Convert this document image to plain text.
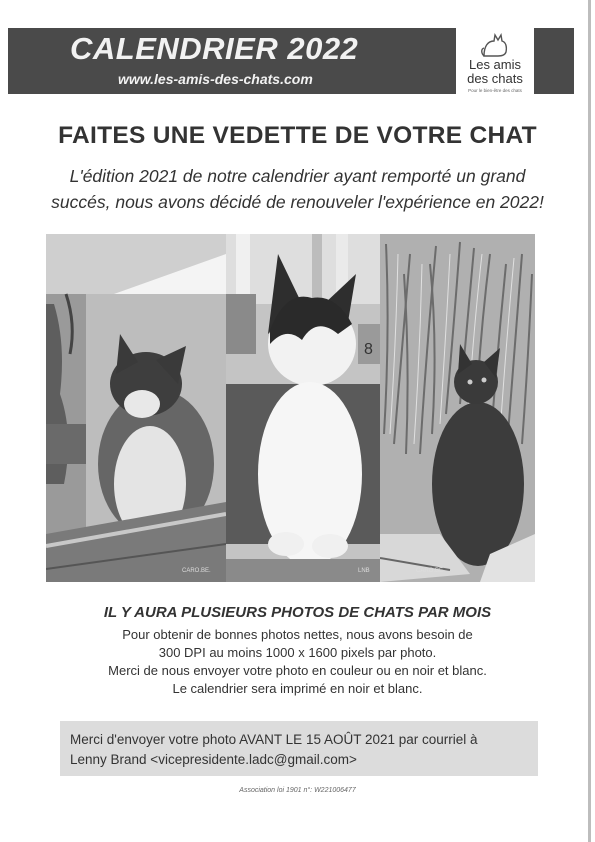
CALENDRIER 2022
www.les-amis-des-chats.com
Les amis
des chats
Pour le bien-être des chats
FAITES UNE VEDETTE DE VOTRE CHAT
L'édition 2021 de notre calendrier ayant remporté un grand
succés, nous avons décidé de renouveler l'expérience en 2022!
CARO.BE.
8
LNB	CARO.BE
IL Y AURA PLUSIEURS PHOTOS DE CHATS PAR MOIS
Pour obtenir de bonnes photos nettes, nous avons besoin de
300 DPI au moins 1000 x 1600 pixels par photo.
Merci de nous envoyer votre photo en couleur ou en noir et blanc.
Le calendrier sera imprimé en noir et blanc.
Merci d'envoyer votre photo AVANT LE 15 AOÛT 2021 par courriel à
Lenny Brand <vicepresidente.ladc@gmail.com>
Association loi 1901 n°: W221006477
